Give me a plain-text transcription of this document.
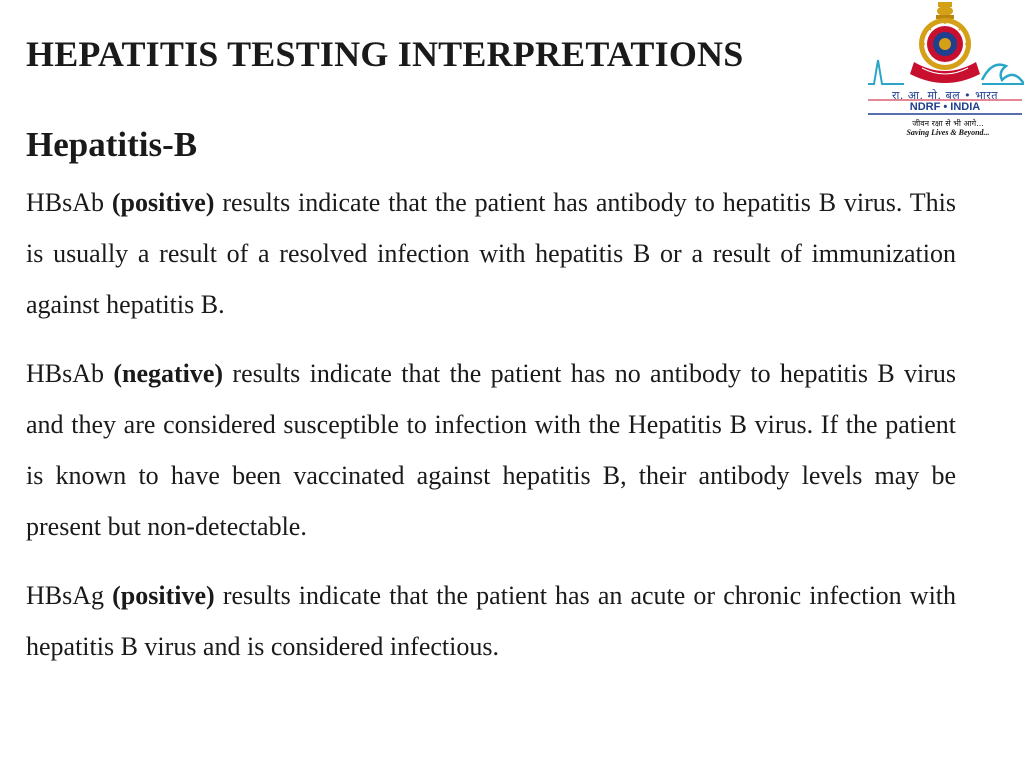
HEPATITIS TESTING INTERPRETATIONS
Hepatitis-B

HBsAb (positive) results indicate that the patient has antibody to hepatitis B virus. This is usually a result of a resolved infection with hepatitis B or a result of immunization against hepatitis B.

HBsAb (negative) results indicate that the patient has no antibody to hepatitis B virus and they are considered susceptible to infection with the Hepatitis B virus. If the patient is known to have been vaccinated against hepatitis B, their antibody levels may be present but non-detectable.

HBsAg (positive) results indicate that the patient has an acute or chronic infection with hepatitis B virus and is considered infectious.

रा. आ. मो. बल • भारत
NDRF • INDIA
जीवन रक्षा से भी आगे...
Saving Lives & Beyond...
